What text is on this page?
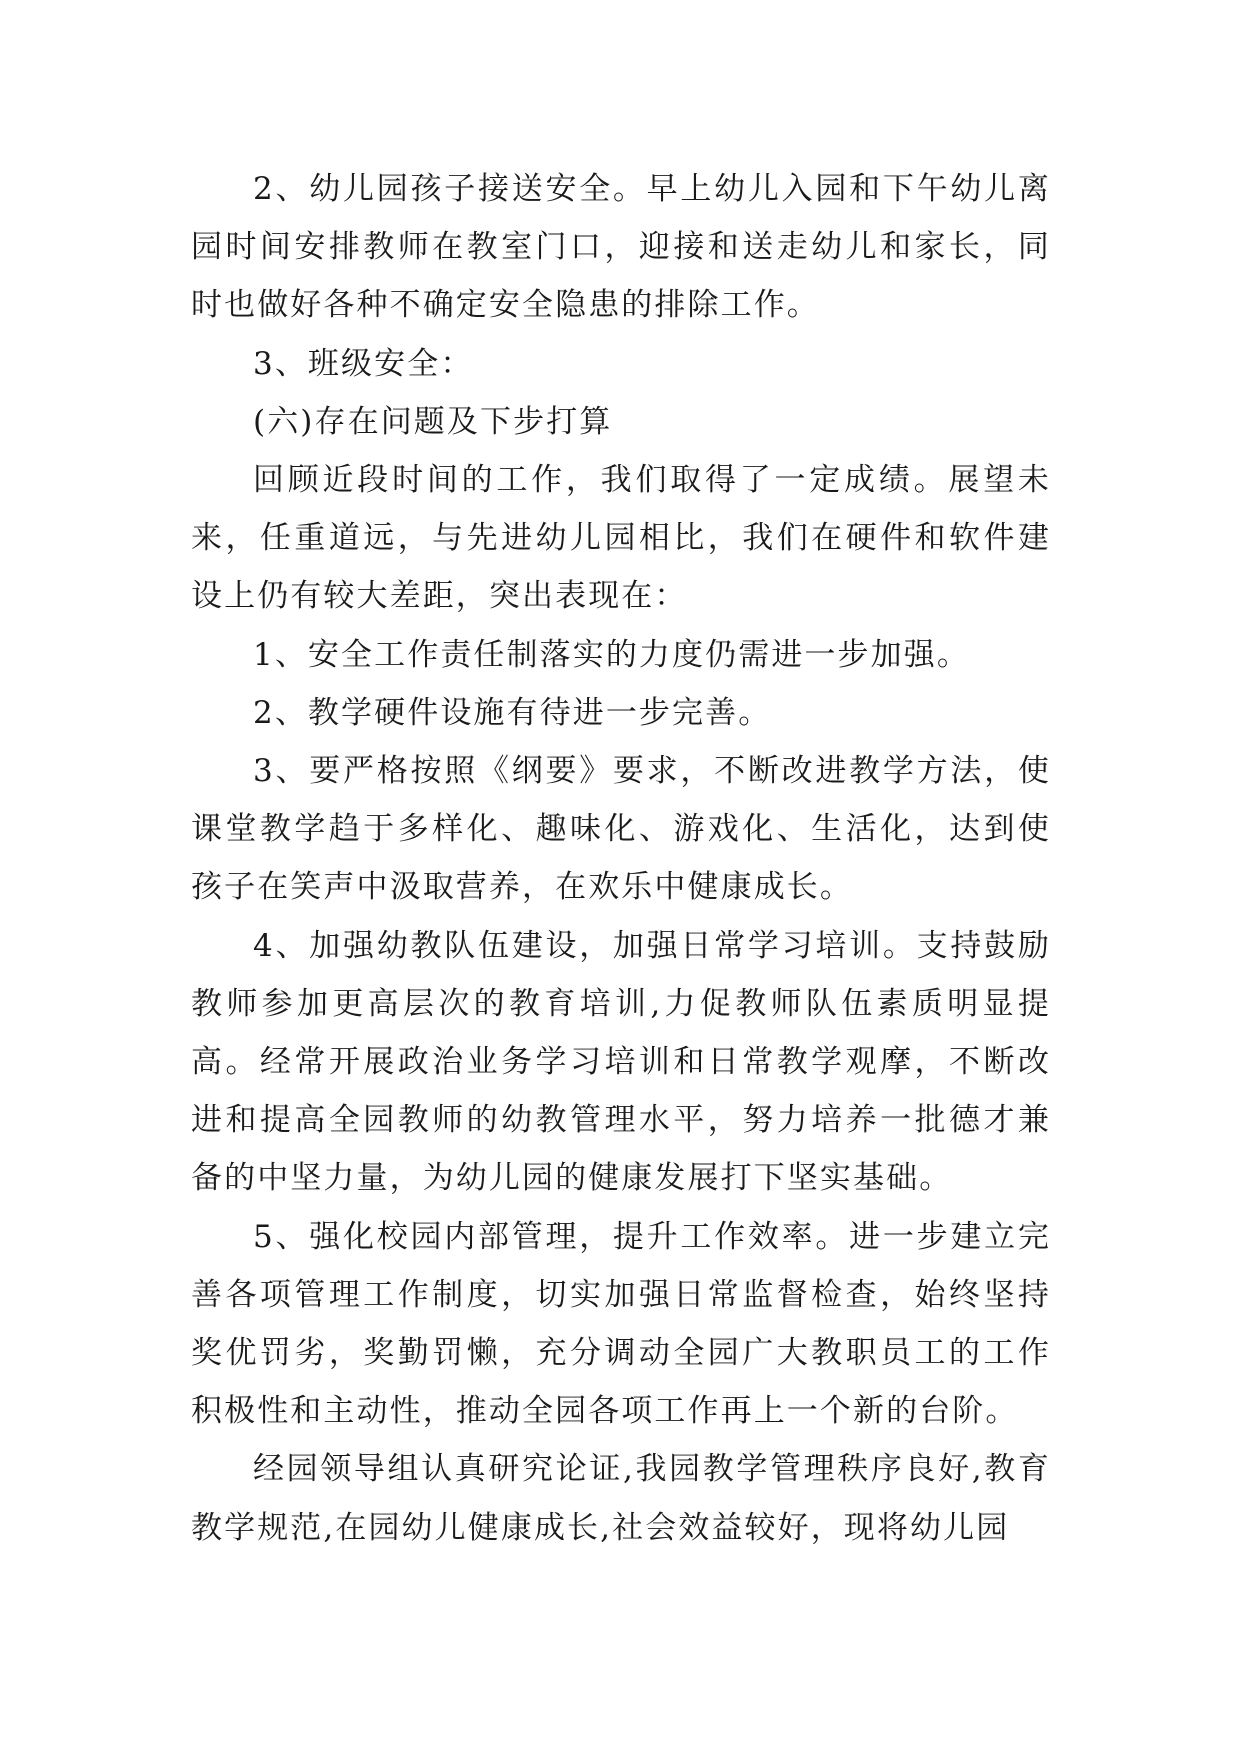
2、幼儿园孩子接送安全。早上幼儿入园和下午幼儿离园时间安排教师在教室门口，迎接和送走幼儿和家长，同时也做好各种不确定安全隐患的排除工作。

3、班级安全：

(六)存在问题及下步打算

回顾近段时间的工作，我们取得了一定成绩。展望未来，任重道远，与先进幼儿园相比，我们在硬件和软件建设上仍有较大差距，突出表现在：

1、安全工作责任制落实的力度仍需进一步加强。

2、教学硬件设施有待进一步完善。

3、要严格按照《纲要》要求，不断改进教学方法，使课堂教学趋于多样化、趣味化、游戏化、生活化，达到使孩子在笑声中汲取营养，在欢乐中健康成长。

4、加强幼教队伍建设，加强日常学习培训。支持鼓励教师参加更高层次的教育培训,力促教师队伍素质明显提高。经常开展政治业务学习培训和日常教学观摩，不断改进和提高全园教师的幼教管理水平，努力培养一批德才兼备的中坚力量，为幼儿园的健康发展打下坚实基础。

5、强化校园内部管理，提升工作效率。进一步建立完善各项管理工作制度，切实加强日常监督检查，始终坚持奖优罚劣，奖勤罚懒，充分调动全园广大教职员工的工作积极性和主动性，推动全园各项工作再上一个新的台阶。

经园领导组认真研究论证,我园教学管理秩序良好,教育教学规范,在园幼儿健康成长,社会效益较好，现将幼儿园
